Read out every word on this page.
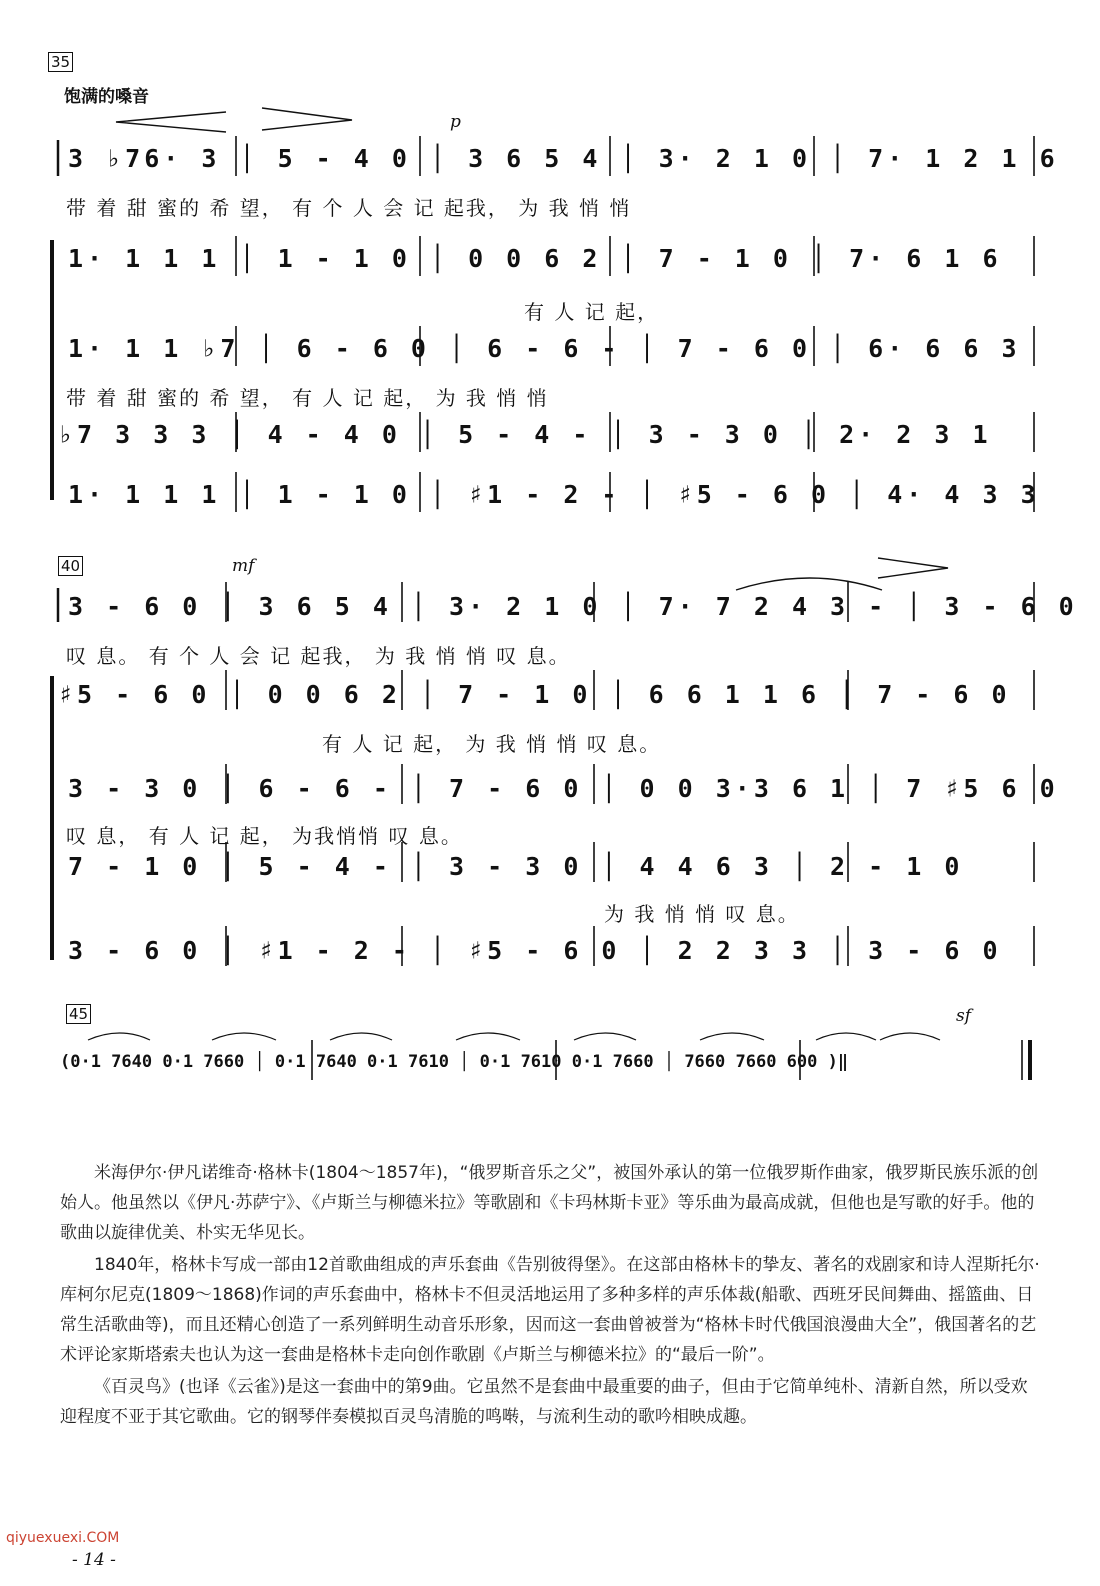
35
饱满的嗓音
p
3 ♭76· 3 │ 5 - 4 0 │ 3 6 5 4 │ 3· 2 1 0 │ 7· 1 2 1 6
带 着 甜 蜜的 希 望， 有 个 人 会 记 起我， 为 我 悄 悄
1· 1 1 1 │ 1 - 1 0 │ 0 0 6 2 │ 7 - 1 0 │ 7· 6 1 6
有 人 记 起，
1· 1 1 ♭7 │ 6 - 6 0 │ 6 - 6 - │ 7 - 6 0 │ 6· 6 6 3
带 着 甜 蜜的 希 望， 有 人 记 起， 为 我 悄 悄
♭7 3 3 3 │ 4 - 4 0 │ 5 - 4 - │ 3 - 3 0 │ 2· 2 3 1
1· 1 1 1 │ 1 - 1 0 │ ♯1 - 2 - │ ♯5 - 6 0 │ 4· 4 3 3
40	mf
3 - 6 0 │ 3 6 5 4 │ 3· 2 1 0 │ 7· 7 2 4 3 - │ 3 - 6 0
叹 息。 有 个 人 会 记 起我， 为 我 悄 悄 叹 息。
♯5 - 6 0 │ 0 0 6 2 │ 7 - 1 0 │ 6 6 1 1 6 │ 7 - 6 0
有 人 记 起， 为 我 悄 悄 叹 息。
3 - 3 0 │ 6 - 6 - │ 7 - 6 0 │ 0 0 3·3 6 1 │ 7 ♯5 6 0
叹 息， 有 人 记 起， 为我悄悄 叹 息。
7 - 1 0 │ 5 - 4 - │ 3 - 3 0 │ 4 4 6 3 │ 2 - 1 0
为 我 悄 悄 叹 息。
3 - 6 0 │ ♯1 - 2 - │ ♯5 - 6 0 │ 2 2 3 3 │ 3 - 6 0
45	sf
(0·1 7640 0·1 7660 │ 0·1 7640 0·1 7610 │ 0·1 7610 0·1 7660 │ 7660 7660 600 )‖

米海伊尔·伊凡诺维奇·格林卡(1804～1857年)，“俄罗斯音乐之父”，被国外承认的第一位俄罗斯作曲家，俄罗斯民族乐派的创始人。他虽然以《伊凡·苏萨宁》、《卢斯兰与柳德米拉》等歌剧和《卡玛林斯卡亚》等乐曲为最高成就，但他也是写歌的好手。他的歌曲以旋律优美、朴实无华见长。

1840年，格林卡写成一部由12首歌曲组成的声乐套曲《告别彼得堡》。在这部由格林卡的挚友、著名的戏剧家和诗人涅斯托尔·库柯尔尼克(1809～1868)作词的声乐套曲中，格林卡不但灵活地运用了多种多样的声乐体裁(船歌、西班牙民间舞曲、摇篮曲、日常生活歌曲等)，而且还精心创造了一系列鲜明生动音乐形象，因而这一套曲曾被誉为“格林卡时代俄国浪漫曲大全”，俄国著名的艺术评论家斯塔索夫也认为这一套曲是格林卡走向创作歌剧《卢斯兰与柳德米拉》的“最后一阶”。

《百灵鸟》(也译《云雀》)是这一套曲中的第9曲。它虽然不是套曲中最重要的曲子，但由于它简单纯朴、清新自然，所以受欢迎程度不亚于其它歌曲。它的钢琴伴奏模拟百灵鸟清脆的鸣啭，与流利生动的歌吟相映成趣。

qiyuexuexi.COM
- 14 -
